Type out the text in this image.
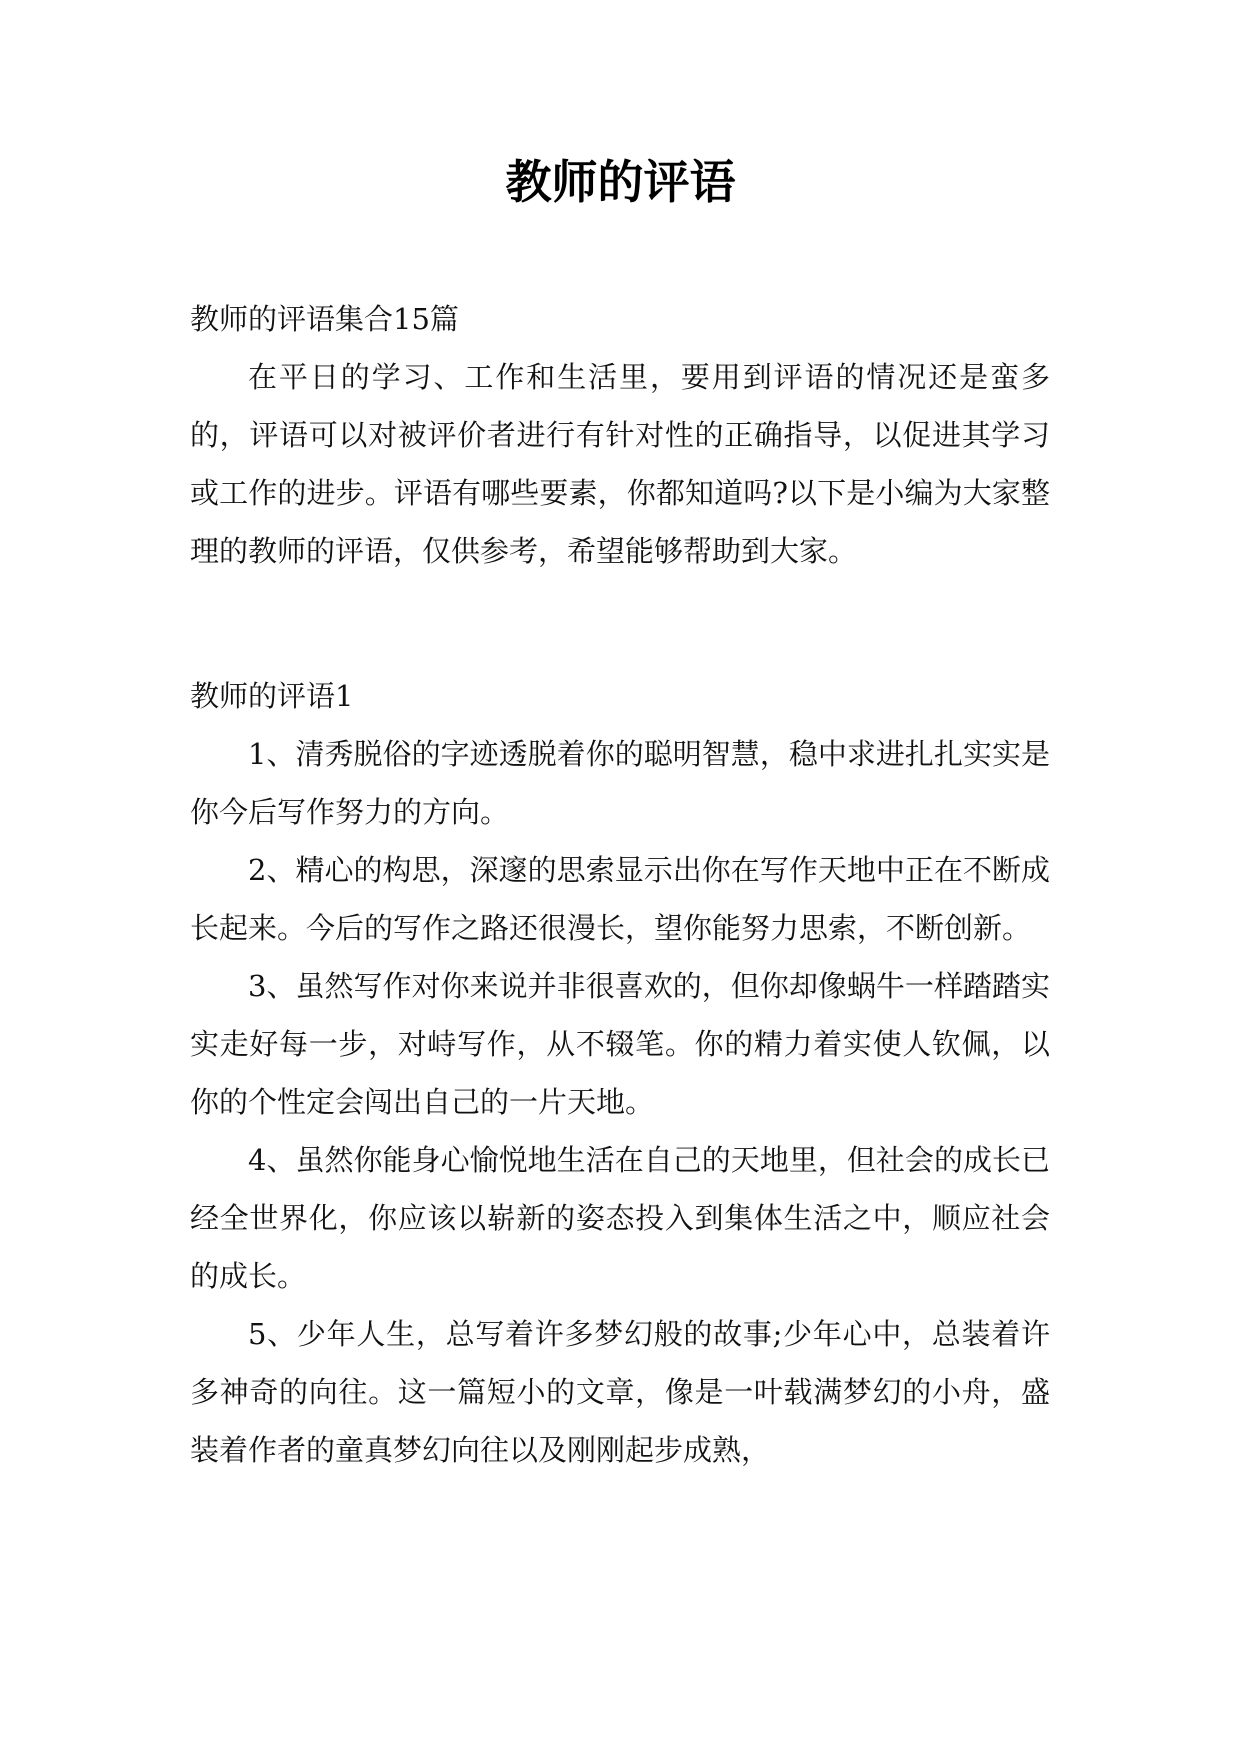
教师的评语

教师的评语集合15篇

在平日的学习、工作和生活里，要用到评语的情况还是蛮多的，评语可以对被评价者进行有针对性的正确指导，以促进其学习或工作的进步。评语有哪些要素，你都知道吗?以下是小编为大家整理的教师的评语，仅供参考，希望能够帮助到大家。

教师的评语1

1、清秀脱俗的字迹透脱着你的聪明智慧，稳中求进扎扎实实是你今后写作努力的方向。

2、精心的构思，深邃的思索显示出你在写作天地中正在不断成长起来。今后的写作之路还很漫长，望你能努力思索，不断创新。

3、虽然写作对你来说并非很喜欢的，但你却像蜗牛一样踏踏实实走好每一步，对峙写作，从不辍笔。你的精力着实使人钦佩，以你的个性定会闯出自己的一片天地。

4、虽然你能身心愉悦地生活在自己的天地里，但社会的成长已经全世界化，你应该以崭新的姿态投入到集体生活之中，顺应社会的成长。

5、少年人生，总写着许多梦幻般的故事;少年心中，总装着许多神奇的向往。这一篇短小的文章，像是一叶载满梦幻的小舟，盛装着作者的童真梦幻向往以及刚刚起步成熟，
